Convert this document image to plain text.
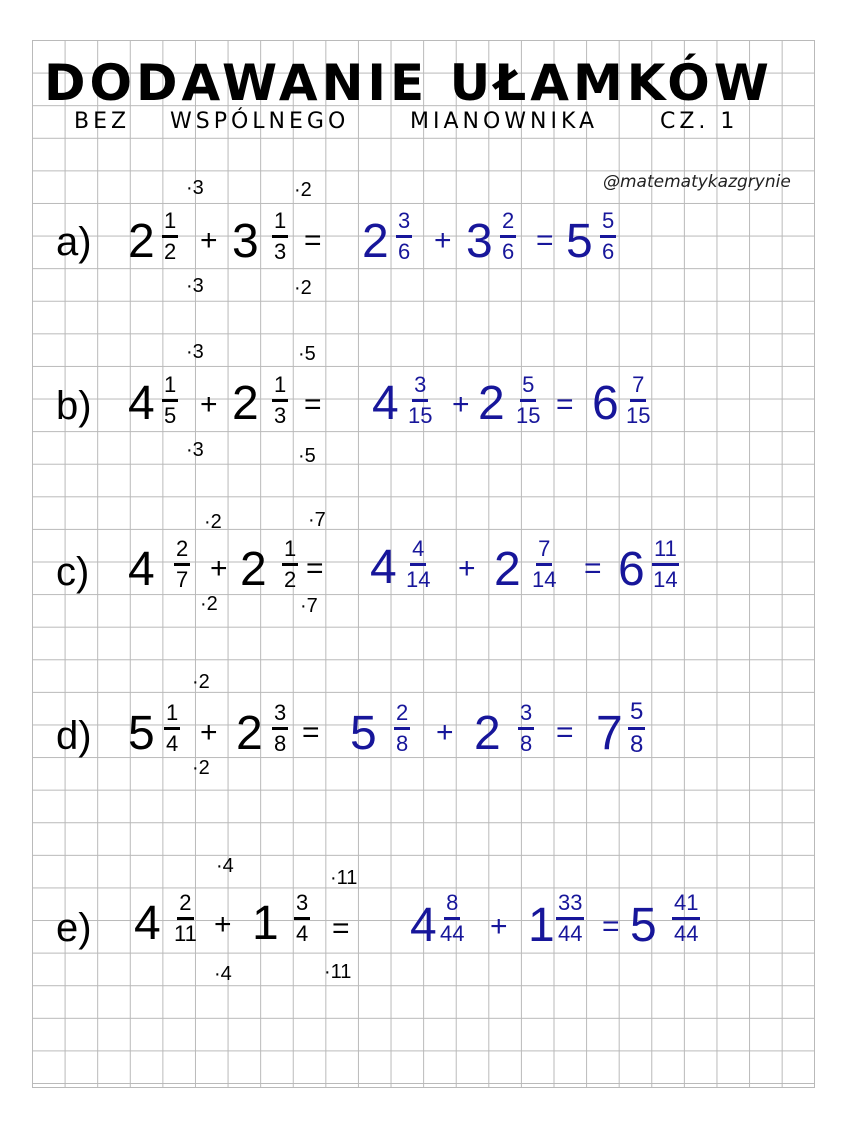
DODAWANIE UŁAMKÓW
BEZ WSPÓLNEGO	MIANOWNIKA	CZ. 1
@matematykazgrynie
a) $2 \frac{1}{2}$
·3
·3
+ $3 \frac{1}{3}$
·2
·2
= $2 \frac{3}{6} + 3 \frac{2}{6} = 5 \frac{5}{6}$
b) $4 \frac{1}{5}$
·3
·3
+ $2 \frac{1}{3}$
·5
·5
= $4 \frac{3}{15} + 2 \frac{5}{15} = 6 \frac{7}{15}$
c) $4 \frac{2}{7}$
·2
·2
+ $2 \frac{1}{2}$
·7
·7
= $4 \frac{4}{14} + 2 \frac{7}{14} = 6 \frac{11}{14}$
d) $5 \frac{1}{4}$
·2
·2
+ $2 \frac{3}{8} = 5 \frac{2}{8} + 2 \frac{3}{8} = 7 \frac{5}{8}$
e) $4 \frac{2}{11}$
·4
·4
+ $1 \frac{3}{4}$
·11
·11
= $4 \frac{8}{44} + 1 \frac{33}{44} = 5 \frac{41}{44}$
